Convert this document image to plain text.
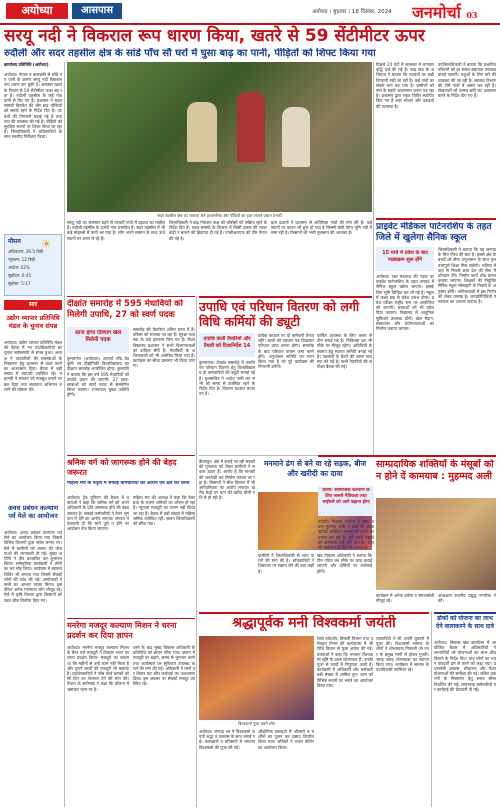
अयोध्या	आसपास	अयोध्या । बुधवार । 18 दिसंबर, 2024	जनमोर्चा 03
सरयू नदी ने विकराल रूप धारण किया, खतरे से 59 सेंटीमीटर ऊपर
रुदौली और सदर तहसील क्षेत्र के सांडे पाँच सौ घरों में घुसा बाढ़ का पानी, पीड़ितों को शिफ्ट किया गया
कार्यालय प्रतिनिधि (अयोध्या)
अयोध्या। नेपाल व बाराबंकी से छोड़े गए पानी के कारण सरयू नदी विकराल रूप धारण कर चुकी है। जलस्तर खतरे के निशान से 59 सेंटीमीटर ऊपर बह रहा है। रुदौली तहसील के कई गांव पानी से घिर गए हैं। प्रशासन ने राहत सामग्री वितरित की और बाढ़ चौकियों को सतर्क रहने के निर्देश दिए हैं। तटबंधों की निगरानी बढ़ाई गई है तथा नाव की व्यवस्था की गई है। पीड़ितों को सुरक्षित स्थानों पर शिफ्ट किया जा रहा है। जिलाधिकारी ने अधिकारियों के साथ स्थलीय निरीक्षण किया।
मौसम ☀
अधिकतम: 26.5 डिग्री
न्यूनतम: 12 डिग्री
आर्द्रता: 62%
सूर्योदय: 6:45
सूर्यास्त: 5:17
सार
उद्योग व्यापार प्रतिनिधि मंडल के चुनाव संपन्न
अयोध्या। उद्योग व्यापार प्रतिनिधि मंडल की बैठक में नए पदाधिकारियों का चुनाव सर्वसम्मति से संपन्न हुआ। अध्यक्ष ने व्यापारियों की समस्याओं के निस्तारण हेतु प्रशासन से वार्ता करने का आश्वासन दिया। बैठक में बड़ी संख्या में व्यापारी उपस्थित रहे। महामंत्री ने संगठन को मजबूत बनाने पर बल दिया तथा सदस्यता अभियान चलाने की घोषणा की।
अवध प्रबंधन कल्याण पर्व मेले का आयोजन
अयोध्या। अवध प्रबंधन कल्याण पर्व मेले का आयोजन किया गया जिसमें विभिन्न विभागों द्वारा स्टॉल लगाए गए। मेले में ग्रामीणों को शासन की योजनाओं की जानकारी दी गई। मुख्य अतिथि ने दीप प्रज्वलित कर शुभारंभ किया। सांस्कृतिक कार्यक्रमों ने लोगों का मन मोह लिया। कार्यक्रम में स्वास्थ्य शिविर भी लगाया गया जिसमें सैकड़ों लोगों की जांच की गई। आयोजकों ने सभी का आभार व्यक्त किया। इस दौरान अनेक गणमान्य लोग मौजूद रहे। मेले में कृषि विभाग द्वारा किसानों को उन्नत बीज वितरित किए गए।
सदर तहसील क्षेत्र का जायजा लेते प्रशासनिक और पीड़ितों का हाल जानते प्रधान प्रभारी
पिछले 24 घंटों में जलस्तर में लगातार वृद्धि दर्ज की गई है। बाढ़ खंड के अभियंता ने बताया कि तटबंधों पर कड़ी निगरानी रखी जा रही है। कई गांवों का संपर्क मार्ग कट गया है। ग्रामीणों को नाव के सहारे आवागमन करना पड़ रहा है। प्रशासन द्वारा राहत शिविर स्थापित किए गए हैं जहां भोजन और दवाइयों की व्यवस्था है।
उपजिलाधिकारी ने बताया कि प्रभावित परिवारों को हर संभव सहायता उपलब्ध कराई जाएगी। पशुओं के लिए चारे की व्यवस्था की जा रही है। स्वास्थ्य विभाग की टीमें गांवों में भ्रमण कर रही हैं। लेखपालों को फसल क्षति का आकलन करने के निर्देश दिए गए हैं।
सरयू नदी का जलस्तर बढ़ने से तटवर्ती गांवों में दहशत का माहौल है। रुदौली तहसील के दर्जनों गांव प्रभावित हैं। सदर तहसील में भी कई मोहल्लों में पानी भर गया है। लोग अपने सामान के साथ ऊंचे स्थानों पर शरण ले रहे हैं।
जिलाधिकारी ने बाढ़ नियंत्रण कक्ष को चौबीसों घंटे सक्रिय रहने के निर्देश दिए हैं। राहत सामग्री के वितरण में किसी प्रकार की लापरवाही न बरतने की हिदायत दी गई है। एनडीआरएफ की टीम तैनात की गई है।
ग्राम प्रधानों ने प्रशासन से अतिरिक्त नावों की मांग की है। कई स्थानों पर कटान भी शुरू हो गया है जिससे खेती योग्य भूमि नदी में समा रही है। किसानों को भारी नुकसान की आशंका है।
दीक्षांत समारोह में 595 मेधावियों को मिलेगी उपाधि, 27 को स्वर्ण पदक
आज होगा दिव्यांग खेल मिलेनी पदक
कुमारगंज (अयोध्या)। आचार्य नरेंद्र देव कृषि एवं प्रौद्योगिकी विश्वविद्यालय का दीक्षांत समारोह आयोजित होगा। कुलपति ने बताया कि इस वर्ष 595 मेधावियों को उपाधि प्रदान की जाएगी। 27 छात्र-छात्राओं को स्वर्ण पदक से सम्मानित किया जाएगा। राज्यपाल मुख्य अतिथि होंगी।
समारोह की तैयारियां अंतिम चरण में हैं। परिसर को सजाया जा रहा है। सुरक्षा व्यवस्था के कड़े इंतजाम किए गए हैं। विश्वविद्यालय प्रशासन ने सभी विभागाध्यक्षों को दायित्व सौंपे हैं। मेधावियों के अभिभावकों को भी आमंत्रित किया गया है। कार्यक्रम का सीधा प्रसारण भी किया जाएगा।
श्रमिक वर्ग को जागरूक होने की बेहद जरूरत
महिला मंच के नेतृत्व में सफाई कर्मचारियों का आरोप एवं क्षेत्र का धरना
अयोध्या। ट्रेड यूनियन की बैठक में वक्ताओं ने कहा कि श्रमिक वर्ग को अपने अधिकारों के प्रति जागरूक होने की बेहद जरूरत है। सफाई कर्मचारियों ने वेतन भुगतान में देरी का आरोप लगाया। संगठन ने चेतावनी दी कि मांगें पूरी न होने पर आंदोलन तेज किया जाएगा।
महिला मंच की अध्यक्ष ने कहा कि ठेका प्रथा के कारण श्रमिकों का शोषण हो रहा है। न्यूनतम मजदूरी का पालन नहीं किया जा रहा है। बैठक में बड़ी संख्या में महिला श्रमिक उपस्थित रहीं। ज्ञापन जिलाधिकारी को सौंपा गया।
मनरेगा मजदूर कल्याण मिशन ने धरना प्रदर्शन कर दिया ज्ञापन
अयोध्या। मनरेगा मजदूर कल्याण मिशन के बैनर तले मजदूरों ने विकास भवन पर धरना प्रदर्शन किया। मजदूरों का कहना था कि महीनों से उन्हें काम नहीं मिला है और पुराने कार्यों की मजदूरी भी बकाया है। प्रदर्शनकारियों ने जॉब कार्ड धारकों को सौ दिन का रोजगार देने की मांग की। मिशन के संयोजक ने कहा कि योजना में भ्रष्टाचार चरम पर है।
धरने के बाद मुख्य विकास अधिकारी के प्रतिनिधि को ज्ञापन सौंपा गया। ज्ञापन में मजदूरी दर बढ़ाने, समय से भुगतान करने तथा कार्यस्थल पर सुविधाएं उपलब्ध कराने की मांग की गई। अधिकारी ने मांगों पर विचार कर शीघ्र कार्रवाई का आश्वासन दिया। इस अवसर पर सैकड़ों मजदूर उपस्थित रहे।
उपाधि एवं परिधान वितरण को लगी विधि कर्मियों की ड्यूटी
उपाधि वाली तैयारियों और तैयारी को दिशानिर्देश 14
कुमारगंज। दीक्षांत समारोह में उपाधि एवं परिधान वितरण हेतु विश्वविद्यालय के कर्मचारियों की ड्यूटी लगाई गई है। कुलसचिव ने आदेश जारी कर सभी को समय से उपस्थित रहने के निर्देश दिए हैं। वितरण काउंटर बनाए गए हैं।
प्रत्येक काउंटर पर दो कर्मचारी तैनात रहेंगे। छात्रों को पहचान पत्र दिखाकर परिधान प्राप्त करना होगा। समारोह के बाद परिधान वापस जमा करने होंगे। अनुशासन समिति का गठन किया गया है जो पूरे कार्यक्रम की निगरानी करेगी।
पार्किंग व्यवस्था के लिए अलग से टीम बनाई गई है। चिकित्सा दल भी मौके पर मौजूद रहेगा। अतिथियों के स्वागत हेतु स्वागत समिति बनाई गई है। पत्रकारों के बैठने की अलग व्यवस्था की गई है। सभी तैयारियों की समीक्षा बैठक की गई।
बीकापुर। क्षेत्र में बनाई जा रही सड़कों की गुणवत्ता को लेकर ग्रामीणों ने सवाल उठाए हैं। आरोप है कि मानकों की अनदेखी कर निर्माण कराया जा रहा है। किसानों ने बीज वितरण में भी अनियमितता का आरोप लगाया। खरीद केंद्रों पर धान की खरीद धीमी गति से हो रही है।
मनमाने ढंग से बने वा रहे सड़क, बीज और खरीदी का दावा
ग्रामीणों ने जिलाधिकारी से जांच कराने की मांग की है। अधिकारियों ने शिकायत पर संज्ञान लेने की बात कही है।
खंड विकास अधिकारी ने बताया कि टीम गठित कर मौके पर जांच कराई जाएगी और दोषियों पर कार्रवाई होगी।
प्राइवेट मेडिकल पार्टनरशिप के तहत जिले में खुलेगा सैनिक स्कूल
15 मार्च में प्रवेश के बाद पाठ्यक्रम शुरू होंगे
अयोध्या। रक्षा मंत्रालय की पहल पर प्राइवेट पार्टनरशिप के तहत जनपद में सैनिक स्कूल खोला जाएगा। इसके लिए भूमि चिन्हित कर ली गई है। स्कूल में कक्षा छह से प्रवेश प्रारंभ होगा। प्रवेश परीक्षा राष्ट्रीय स्तर पर आयोजित की जाएगी। छात्राओं को भी प्रवेश दिया जाएगा। विद्यालय में आधुनिक सुविधाएं उपलब्ध होंगी। खेल मैदान, छात्रावास और प्रयोगशालाओं का निर्माण कराया जाएगा।
जिलाधिकारी ने बताया कि यह जनपद के लिए गौरव की बात है। इससे क्षेत्र के बच्चों को सैन्य अनुशासन के साथ गुणवत्तापूर्ण शिक्षा मिल सकेगी। भविष्य में यहां से निकले छात्र देश की सेवा में योगदान देंगे। निर्माण कार्य शीघ्र प्रारंभ कराया जाएगा। शिक्षकों की नियुक्ति सैनिक स्कूल सोसाइटी के नियमों के अनुसार होगी। अभिभावकों में इस निर्णय को लेकर उत्साह है। जनप्रतिनिधियों ने सरकार का आभार जताया है।
साम्प्रदायिक शक्तियों के मंसूबों को न होने दें कामयाब : मुहम्मद अली
प्रेरणा: सामाजिक कल्याण के लिए जरूरी नैतिकता तथा भाईचारे को आगे बढ़ाना होगा
रुदौली। मिल्लत कांफ्रेंस में मुख्य वक्ता मुहम्मद अली ने कहा कि साम्प्रदायिक शक्तियां समाज को बांटने का प्रयास कर रही हैं। हमें उनके मंसूबों को कामयाब नहीं होने देना है। आपसी भाईचारा ही देश की ताकत है।
कार्यक्रम में अनेक उलेमा व समाजसेवी मौजूद रहे।
अध्यक्षता स्थानीय प्रबुद्ध नागरिक ने की।
श्रद्धापूर्वक मनी विश्वकर्मा जयंती
विश्वकर्मा पूजा करते लोग
अयोध्या। जनपद भर में विश्वकर्मा जयंती श्रद्धा व उल्लास के साथ मनाई गई। कारखानों व प्रतिष्ठानों में भगवान विश्वकर्मा की पूजा की गई।
औद्योगिक इकाइयों में औजारों व मशीनों का पूजन कर प्रसाद वितरित किया गया। श्रमिकों ने भजन कीर्तन का आयोजन किया।
रेलवे वर्कशॉप, बिजली विभाग तथा परिवहन निगम की कार्यशाला में भी विधि विधान से पूजा अर्चना की गई। वक्ताओं ने कहा कि भगवान विश्वकर्मा सृष्टि के प्रथम शिल्पकार हैं। उनकी पूजा से कार्यों में निपुणता आती है। कार्यक्रमों में अधिकारी और कर्मचारी बड़ी संख्या में शामिल हुए। शाम को विभिन्न स्थानों पर भंडारे का आयोजन किया गया।
व्यापारियों ने भी अपनी दुकानों में पूजा की। विश्वकर्मा समाज के लोगों ने शोभायात्रा निकाली जो नगर के प्रमुख मार्गों से होकर गुजरी। जगह जगह शोभायात्रा का स्वागत किया गया। कार्यक्रम में समाज के पदाधिकारी उपस्थित रहे।
डोकों को योजना का लाभ देने वालाकरने के साथ दावे
अयोध्या। विकास खंड कार्यालय में आयोजित बैठक में अधिकारियों ने लाभार्थियों को योजनाओं का लाभ शीघ्र दिलाने के निर्देश दिए। पात्र लोगों का चयन पारदर्शी ढंग से करने को कहा गया। प्रधानमंत्री आवास, शौचालय और पेंशन योजनाओं की समीक्षा की गई। लंबित प्रकरणों के निस्तारण हेतु समय सीमा निर्धारित की गई। लापरवाह कर्मचारियों पर कार्रवाई की चेतावनी दी गई।
